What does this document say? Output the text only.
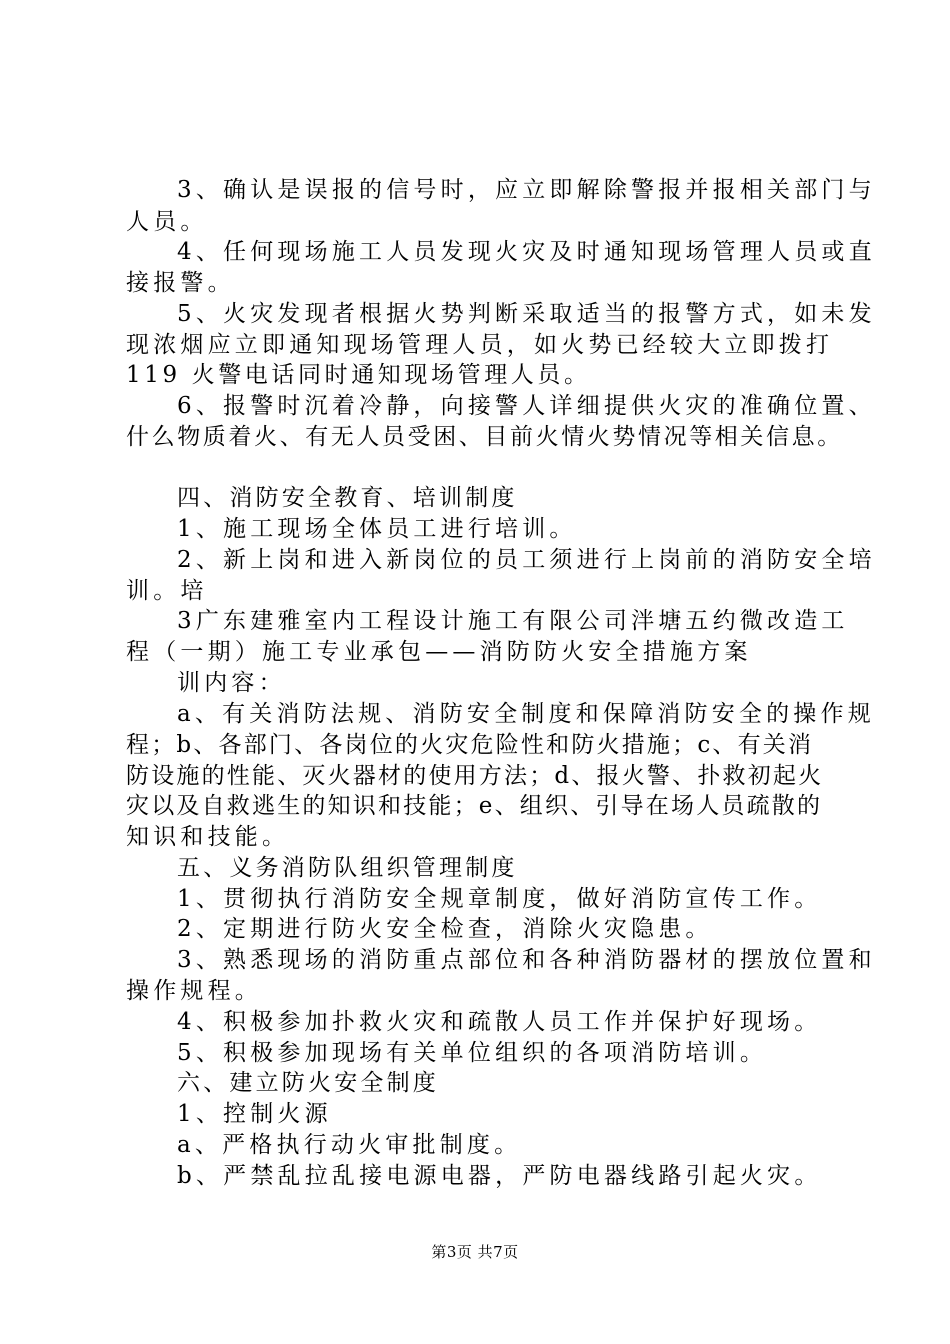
3、确认是误报的信号时，应立即解除警报并报相关部门与
人员。
4、任何现场施工人员发现火灾及时通知现场管理人员或直
接报警。
5、火灾发现者根据火势判断采取适当的报警方式，如未发
现浓烟应立即通知现场管理人员，如火势已经较大立即拨打
119 火警电话同时通知现场管理人员。
6、报警时沉着冷静，向接警人详细提供火灾的准确位置、
什么物质着火、有无人员受困、目前火情火势情况等相关信息。
四、消防安全教育、培训制度
1、施工现场全体员工进行培训。
2、新上岗和进入新岗位的员工须进行上岗前的消防安全培
训。培
3广东建雅室内工程设计施工有限公司泮塘五约微改造工
程（一期）施工专业承包——消防防火安全措施方案
训内容：
a、有关消防法规、消防安全制度和保障消防安全的操作规
程；b、各部门、各岗位的火灾危险性和防火措施；c、有关消
防设施的性能、灭火器材的使用方法；d、报火警、扑救初起火
灾以及自救逃生的知识和技能；e、组织、引导在场人员疏散的
知识和技能。
五、义务消防队组织管理制度
1、贯彻执行消防安全规章制度，做好消防宣传工作。
2、定期进行防火安全检查，消除火灾隐患。
3、熟悉现场的消防重点部位和各种消防器材的摆放位置和
操作规程。
4、积极参加扑救火灾和疏散人员工作并保护好现场。
5、积极参加现场有关单位组织的各项消防培训。
六、建立防火安全制度
1、控制火源
a、严格执行动火审批制度。
b、严禁乱拉乱接电源电器，严防电器线路引起火灾。
第3页 共7页
